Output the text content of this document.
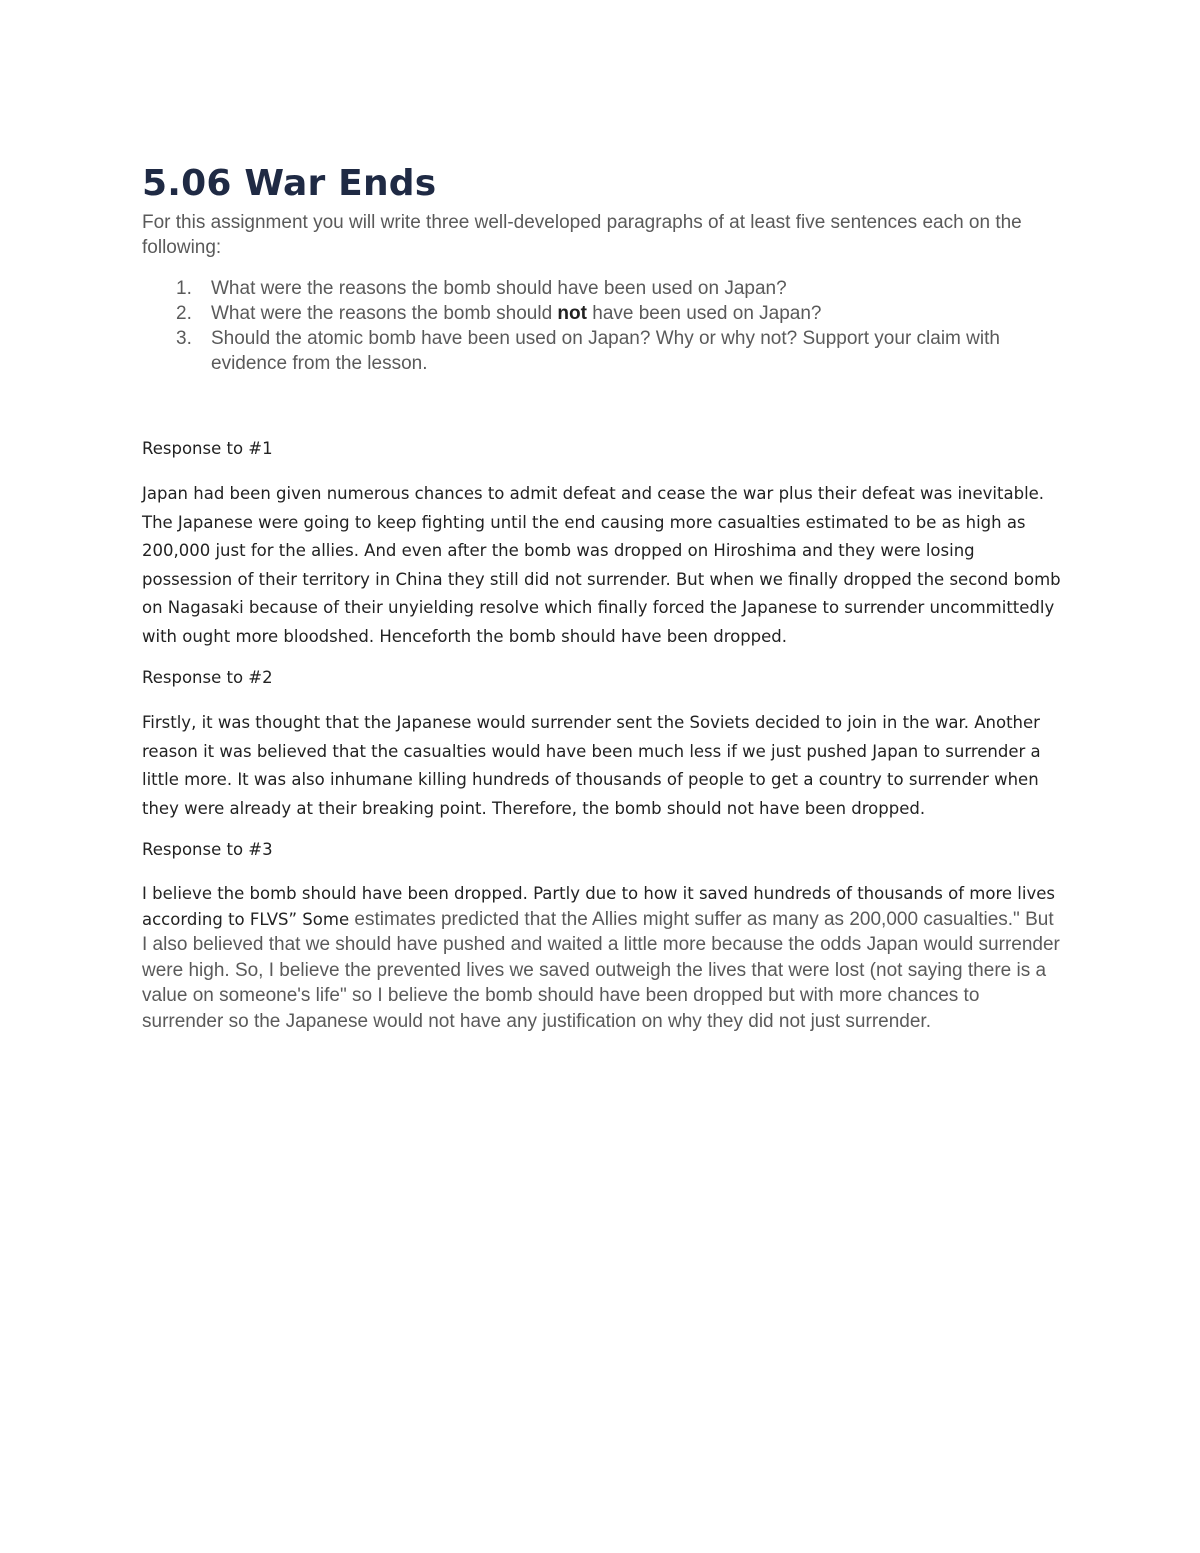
5.06 War Ends

For this assignment you will write three well-developed paragraphs of at least five sentences each on the following:

1. What were the reasons the bomb should have been used on Japan?
2. What were the reasons the bomb should not have been used on Japan?
3. Should the atomic bomb have been used on Japan? Why or why not? Support your claim with evidence from the lesson.

Response to #1

Japan had been given numerous chances to admit defeat and cease the war plus their defeat was inevitable. The Japanese were going to keep fighting until the end causing more casualties estimated to be as high as 200,000 just for the allies. And even after the bomb was dropped on Hiroshima and they were losing possession of their territory in China they still did not surrender. But when we finally dropped the second bomb on Nagasaki because of their unyielding resolve which finally forced the Japanese to surrender uncommittedly with ought more bloodshed. Henceforth the bomb should have been dropped.

Response to #2

Firstly, it was thought that the Japanese would surrender sent the Soviets decided to join in the war. Another reason it was believed that the casualties would have been much less if we just pushed Japan to surrender a little more. It was also inhumane killing hundreds of thousands of people to get a country to surrender when they were already at their breaking point. Therefore, the bomb should not have been dropped.

Response to #3

I believe the bomb should have been dropped. Partly due to how it saved hundreds of thousands of more lives according to FLVS” Some estimates predicted that the Allies might suffer as many as 200,000 casualties." But I also believed that we should have pushed and waited a little more because the odds Japan would surrender were high. So, I believe the prevented lives we saved outweigh the lives that were lost (not saying there is a value on someone's life" so I believe the bomb should have been dropped but with more chances to surrender so the Japanese would not have any justification on why they did not just surrender.
